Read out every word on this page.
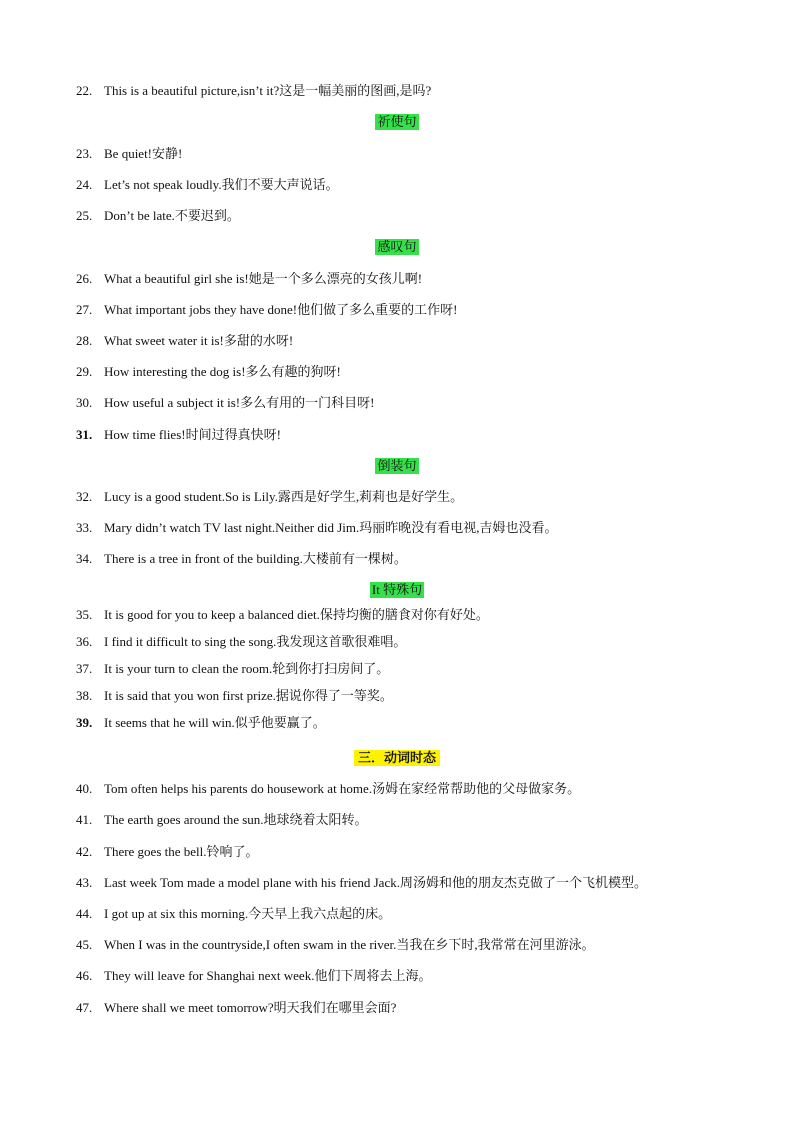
22. This is a beautiful picture,isn’t it?这是一幅美丽的图画,是吗?
祈使句
23. Be quiet!安静!
24. Let’s not speak loudly.我们不要大声说话。
25. Don’t be late.不要迟到。
感叹句
26. What a beautiful girl she is!她是一个多么漂亮的女孩儿啊!
27. What important jobs they have done!他们做了多么重要的工作呀!
28. What sweet water it is!多甜的水呀!
29. How interesting the dog is!多么有趣的狗呀!
30. How useful a subject it is!多么有用的一门科目呀!
31. How time flies!时间过得真快呀!
倒装句
32. Lucy is a good student.So is Lily.露西是好学生,莉莉也是好学生。
33. Mary didn’t watch TV last night.Neither did Jim.玛丽昨晚没有看电视,吉姆也没看。
34. There is a tree in front of the building.大楼前有一棵树。
It 特殊句
35. It is good for you to keep a balanced diet.保持均衡的膳食对你有好处。
36. I find it difficult to sing the song.我发现这首歌很难唱。
37. It is your turn to clean the room.轮到你打扫房间了。
38. It is said that you won first prize.据说你得了一等奖。
39. It seems that he will win.似乎他要赢了。
三．动词时态
40. Tom often helps his parents do housework at home.汤姆在家经常帮助他的父母做家务。
41. The earth goes around the sun.地球绕着太阳转。
42. There goes the bell.铃响了。
43. Last week Tom made a model plane with his friend Jack.周汤姆和他的朋友杰克做了一个飞机模型。
44. I got up at six this morning.今天早上我六点起的床。
45. When I was in the countryside,I often swam in the river.当我在乡下时,我常常在河里游泳。
46. They will leave for Shanghai next week.他们下周将去上海。
47. Where shall we meet tomorrow?明天我们在哪里会面?
